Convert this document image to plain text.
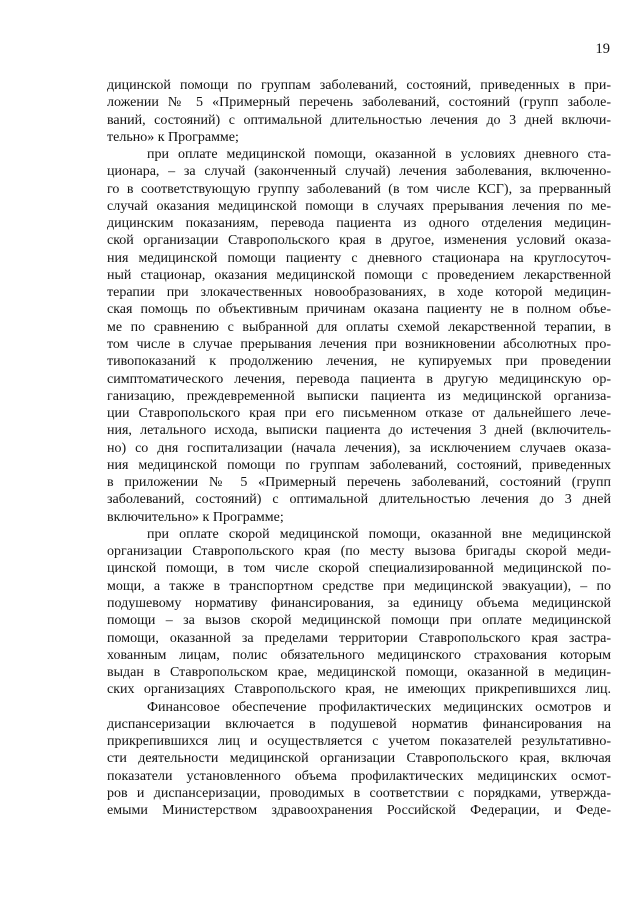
19
дицинской помощи по группам заболеваний, состояний, приведенных в при-
ложении № 5 «Примерный перечень заболеваний, состояний (групп заболе-
ваний, состояний) с оптимальной длительностью лечения до 3 дней включи-
тельно» к Программе;
при оплате медицинской помощи, оказанной в условиях дневного ста-
ционара, – за случай (законченный случай) лечения заболевания, включенно-
го в соответствующую группу заболеваний (в том числе КСГ), за прерванный
случай оказания медицинской помощи в случаях прерывания лечения по ме-
дицинским показаниям, перевода пациента из одного отделения медицин-
ской организации Ставропольского края в другое, изменения условий оказа-
ния медицинской помощи пациенту с дневного стационара на круглосуточ-
ный стационар, оказания медицинской помощи с проведением лекарственной
терапии при злокачественных новообразованиях, в ходе которой медицин-
ская помощь по объективным причинам оказана пациенту не в полном объе-
ме по сравнению с выбранной для оплаты схемой лекарственной терапии, в
том числе в случае прерывания лечения при возникновении абсолютных про-
тивопоказаний к продолжению лечения, не купируемых при проведении
симптоматического лечения, перевода пациента в другую медицинскую ор-
ганизацию, преждевременной выписки пациента из медицинской организа-
ции Ставропольского края при его письменном отказе от дальнейшего лече-
ния, летального исхода, выписки пациента до истечения 3 дней (включитель-
но) со дня госпитализации (начала лечения), за исключением случаев оказа-
ния медицинской помощи по группам заболеваний, состояний, приведенных
в приложении № 5 «Примерный перечень заболеваний, состояний (групп
заболеваний, состояний) с оптимальной длительностью лечения до 3 дней
включительно» к Программе;
при оплате скорой медицинской помощи, оказанной вне медицинской
организации Ставропольского края (по месту вызова бригады скорой меди-
цинской помощи, в том числе скорой специализированной медицинской по-
мощи, а также в транспортном средстве при медицинской эвакуации), – по
подушевому нормативу финансирования, за единицу объема медицинской
помощи – за вызов скорой медицинской помощи при оплате медицинской
помощи, оказанной за пределами территории Ставропольского края застра-
хованным лицам, полис обязательного медицинского страхования которым
выдан в Ставропольском крае, медицинской помощи, оказанной в медицин-
ских организациях Ставропольского края, не имеющих прикрепившихся лиц.
Финансовое обеспечение профилактических медицинских осмотров и
диспансеризации включается в подушевой норматив финансирования на
прикрепившихся лиц и осуществляется с учетом показателей результативно-
сти деятельности медицинской организации Ставропольского края, включая
показатели установленного объема профилактических медицинских осмот-
ров и диспансеризации, проводимых в соответствии с порядками, утвержда-
емыми Министерством здравоохранения Российской Федерации, и Феде-
